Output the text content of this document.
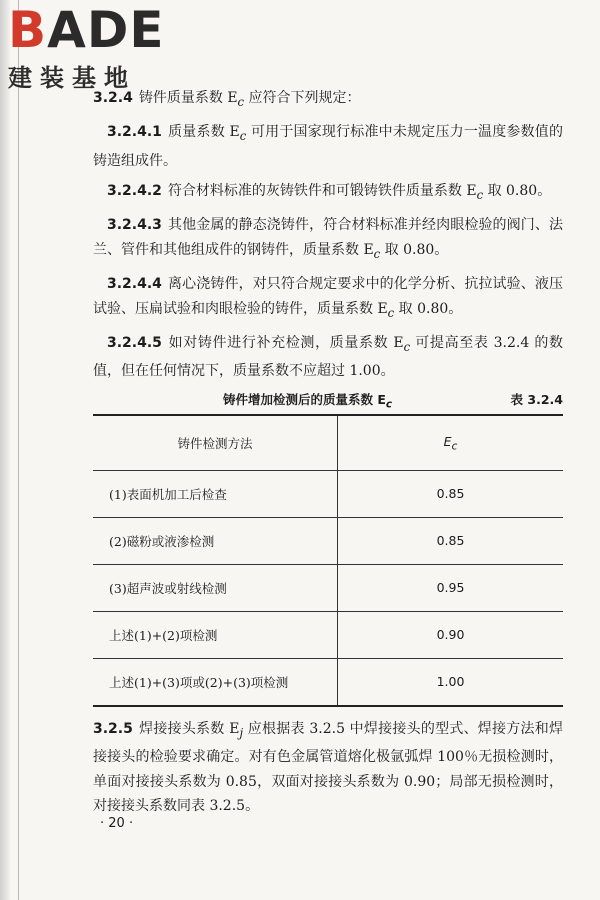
BADE
建装基地

3.2.4 铸件质量系数 $E_c$ 应符合下列规定：

3.2.4.1 质量系数 $E_c$ 可用于国家现行标准中未规定压力一温度参数值的铸造组成件。

3.2.4.2 符合材料标准的灰铸铁件和可锻铸铁件质量系数 $E_c$ 取 0.80。

3.2.4.3 其他金属的静态浇铸件，符合材料标准并经肉眼检验的阀门、法兰、管件和其他组成件的钢铸件，质量系数 $E_c$ 取 0.80。

3.2.4.4 离心浇铸件，对只符合规定要求中的化学分析、抗拉试验、液压试验、压扁试验和肉眼检验的铸件，质量系数 $E_c$ 取 0.80。

3.2.4.5 如对铸件进行补充检测，质量系数 $E_c$ 可提高至表 3.2.4 的数值，但在任何情况下，质量系数不应超过 1.00。

铸件增加检测后的质量系数 $E_c$	表 3.2.4
铸件检测方法	$E_c$
(1)表面机加工后检查	0.85
(2)磁粉或液渗检测	0.85
(3)超声波或射线检测	0.95
上述(1)+(2)项检测	0.90
上述(1)+(3)项或(2)+(3)项检测	1.00

3.2.5 焊接接头系数 $E_j$ 应根据表 3.2.5 中焊接接头的型式、焊接方法和焊接接头的检验要求确定。对有色金属管道熔化极氩弧焊 100％无损检测时，单面对接接头系数为 0.85，双面对接接头系数为 0.90；局部无损检测时，对接接头系数同表 3.2.5。

· 20 ·
